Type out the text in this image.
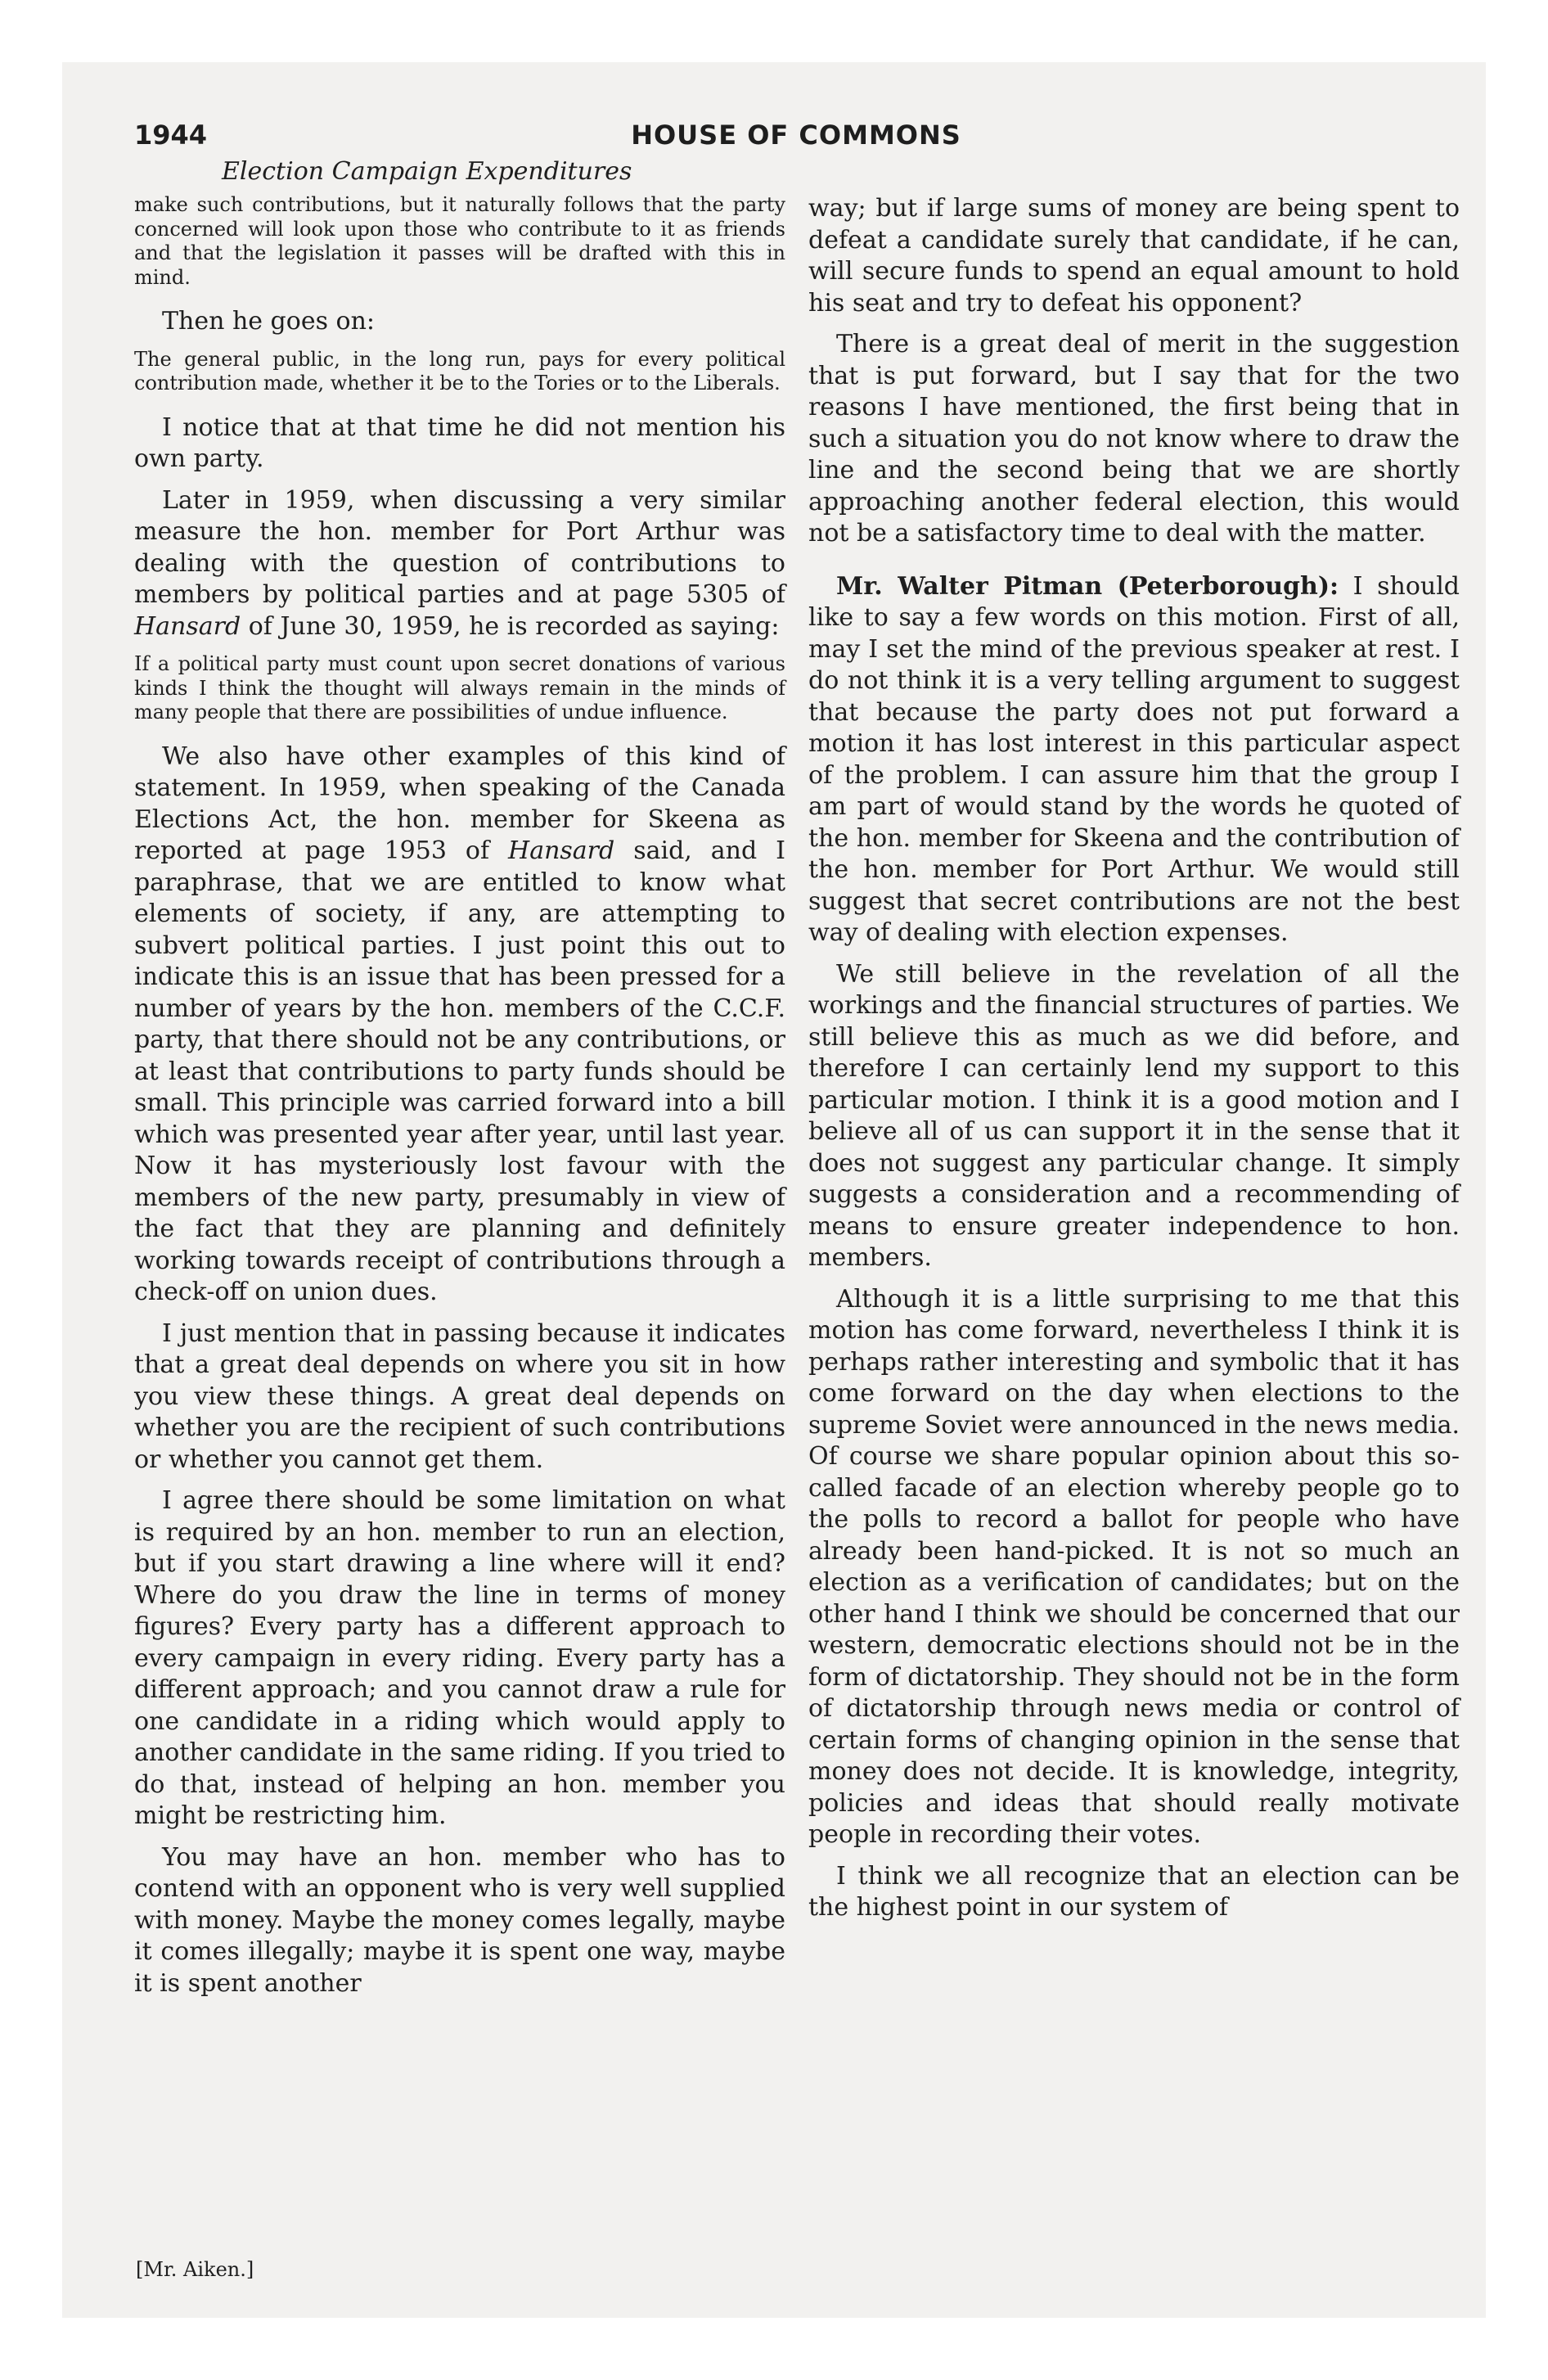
1944	HOUSE OF COMMONS
Election Campaign Expenditures

make such contributions, but it naturally follows that the party concerned will look upon those who contribute to it as friends and that the legislation it passes will be drafted with this in mind.

Then he goes on:

The general public, in the long run, pays for every political contribution made, whether it be to the Tories or to the Liberals.

I notice that at that time he did not mention his own party.

Later in 1959, when discussing a very similar measure the hon. member for Port Arthur was dealing with the question of contributions to members by political parties and at page 5305 of Hansard of June 30, 1959, he is recorded as saying:

If a political party must count upon secret donations of various kinds I think the thought will always remain in the minds of many people that there are possibilities of undue influence.

We also have other examples of this kind of statement. In 1959, when speaking of the Canada Elections Act, the hon. member for Skeena as reported at page 1953 of Hansard said, and I paraphrase, that we are entitled to know what elements of society, if any, are attempting to subvert political parties. I just point this out to indicate this is an issue that has been pressed for a number of years by the hon. members of the C.C.F. party, that there should not be any contributions, or at least that contributions to party funds should be small. This principle was carried forward into a bill which was presented year after year, until last year. Now it has mysteriously lost favour with the members of the new party, presumably in view of the fact that they are planning and definitely working towards receipt of contributions through a check-off on union dues.

I just mention that in passing because it indicates that a great deal depends on where you sit in how you view these things. A great deal depends on whether you are the recipient of such contributions or whether you cannot get them.

I agree there should be some limitation on what is required by an hon. member to run an election, but if you start drawing a line where will it end? Where do you draw the line in terms of money figures? Every party has a different approach to every campaign in every riding. Every party has a different approach; and you cannot draw a rule for one candidate in a riding which would apply to another candidate in the same riding. If you tried to do that, instead of helping an hon. member you might be restricting him.

You may have an hon. member who has to contend with an opponent who is very well supplied with money. Maybe the money comes legally, maybe it comes illegally; maybe it is spent one way, maybe it is spent another

way; but if large sums of money are being spent to defeat a candidate surely that candidate, if he can, will secure funds to spend an equal amount to hold his seat and try to defeat his opponent?

There is a great deal of merit in the suggestion that is put forward, but I say that for the two reasons I have mentioned, the first being that in such a situation you do not know where to draw the line and the second being that we are shortly approaching another federal election, this would not be a satisfactory time to deal with the matter.

Mr. Walter Pitman (Peterborough): I should like to say a few words on this motion. First of all, may I set the mind of the previous speaker at rest. I do not think it is a very telling argument to suggest that because the party does not put forward a motion it has lost interest in this particular aspect of the problem. I can assure him that the group I am part of would stand by the words he quoted of the hon. member for Skeena and the contribution of the hon. member for Port Arthur. We would still suggest that secret contributions are not the best way of dealing with election expenses.

We still believe in the revelation of all the workings and the financial structures of parties. We still believe this as much as we did before, and therefore I can certainly lend my support to this particular motion. I think it is a good motion and I believe all of us can support it in the sense that it does not suggest any particular change. It simply suggests a consideration and a recommending of means to ensure greater independence to hon. members.

Although it is a little surprising to me that this motion has come forward, nevertheless I think it is perhaps rather interesting and symbolic that it has come forward on the day when elections to the supreme Soviet were announced in the news media. Of course we share popular opinion about this so-called facade of an election whereby people go to the polls to record a ballot for people who have already been hand-picked. It is not so much an election as a verification of candidates; but on the other hand I think we should be concerned that our western, democratic elections should not be in the form of dictatorship. They should not be in the form of dictatorship through news media or control of certain forms of changing opinion in the sense that money does not decide. It is knowledge, integrity, policies and ideas that should really motivate people in recording their votes.

I think we all recognize that an election can be the highest point in our system of

[Mr. Aiken.]
